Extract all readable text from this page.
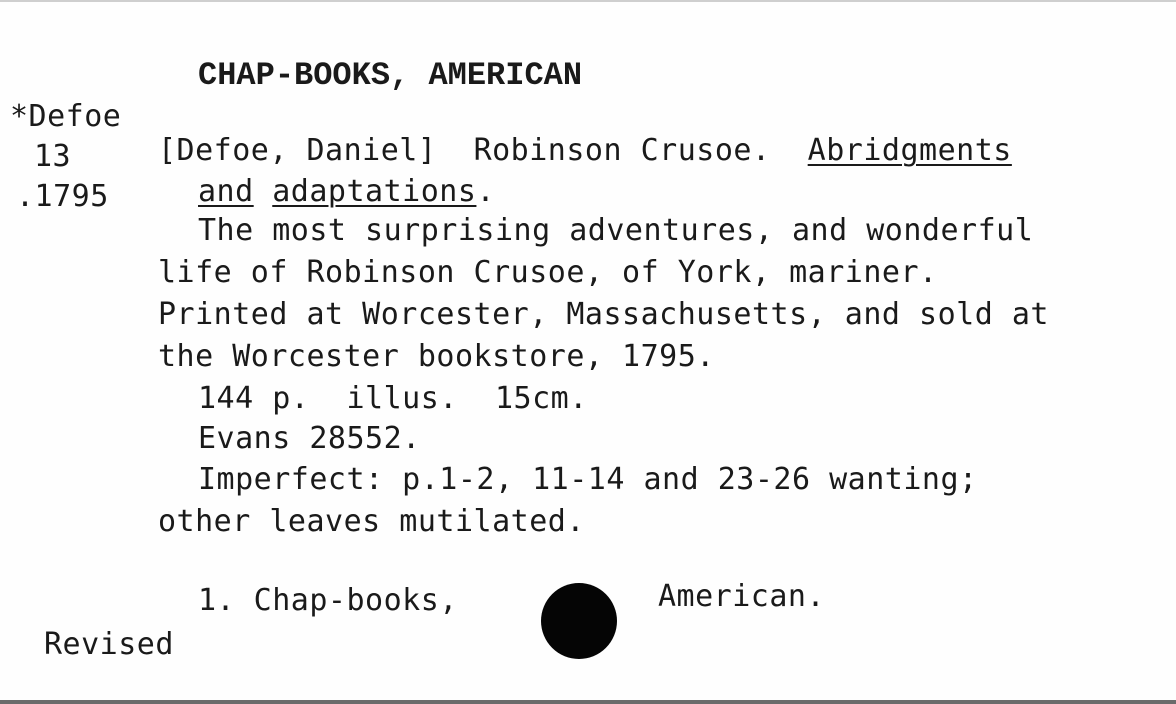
CHAP-BOOKS, AMERICAN
*Defoe
13
.1795
[Defoe, Daniel] Robinson Crusoe. Abridgments
and adaptations.
The most surprising adventures, and wonderful
life of Robinson Crusoe, of York, mariner.
Printed at Worcester, Massachusetts, and sold at
the Worcester bookstore, 1795.
144 p.  illus.  15cm.
Evans 28552.
Imperfect: p.1-2, 11-14 and 23-26 wanting;
other leaves mutilated.
1. Chap-books,	American.
Revised
